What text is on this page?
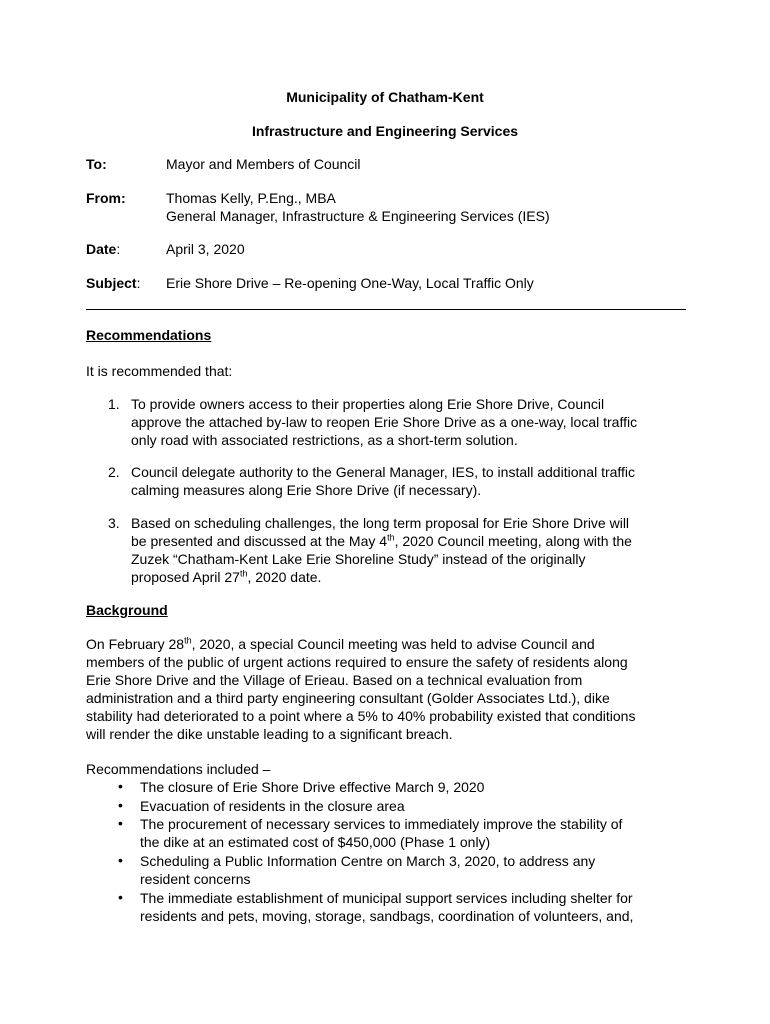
Municipality of Chatham-Kent
Infrastructure and Engineering Services
To:	Mayor and Members of Council
From:	Thomas Kelly, P.Eng., MBA
General Manager, Infrastructure & Engineering Services (IES)
Date:	April 3, 2020
Subject: Erie Shore Drive – Re-opening One-Way, Local Traffic Only
Recommendations
It is recommended that:
1. To provide owners access to their properties along Erie Shore Drive, Council
approve the attached by-law to reopen Erie Shore Drive as a one-way, local traffic
only road with associated restrictions, as a short-term solution.
2. Council delegate authority to the General Manager, IES, to install additional traffic
calming measures along Erie Shore Drive (if necessary).
3. Based on scheduling challenges, the long term proposal for Erie Shore Drive will
be presented and discussed at the May 4th, 2020 Council meeting, along with the
Zuzek “Chatham-Kent Lake Erie Shoreline Study” instead of the originally
proposed April 27th, 2020 date.
Background
On February 28th, 2020, a special Council meeting was held to advise Council and
members of the public of urgent actions required to ensure the safety of residents along
Erie Shore Drive and the Village of Erieau. Based on a technical evaluation from
administration and a third party engineering consultant (Golder Associates Ltd.), dike
stability had deteriorated to a point where a 5% to 40% probability existed that conditions
will render the dike unstable leading to a significant breach.
Recommendations included –
• The closure of Erie Shore Drive effective March 9, 2020
• Evacuation of residents in the closure area
• The procurement of necessary services to immediately improve the stability of
the dike at an estimated cost of $450,000 (Phase 1 only)
• Scheduling a Public Information Centre on March 3, 2020, to address any
resident concerns
• The immediate establishment of municipal support services including shelter for
residents and pets, moving, storage, sandbags, coordination of volunteers, and,
